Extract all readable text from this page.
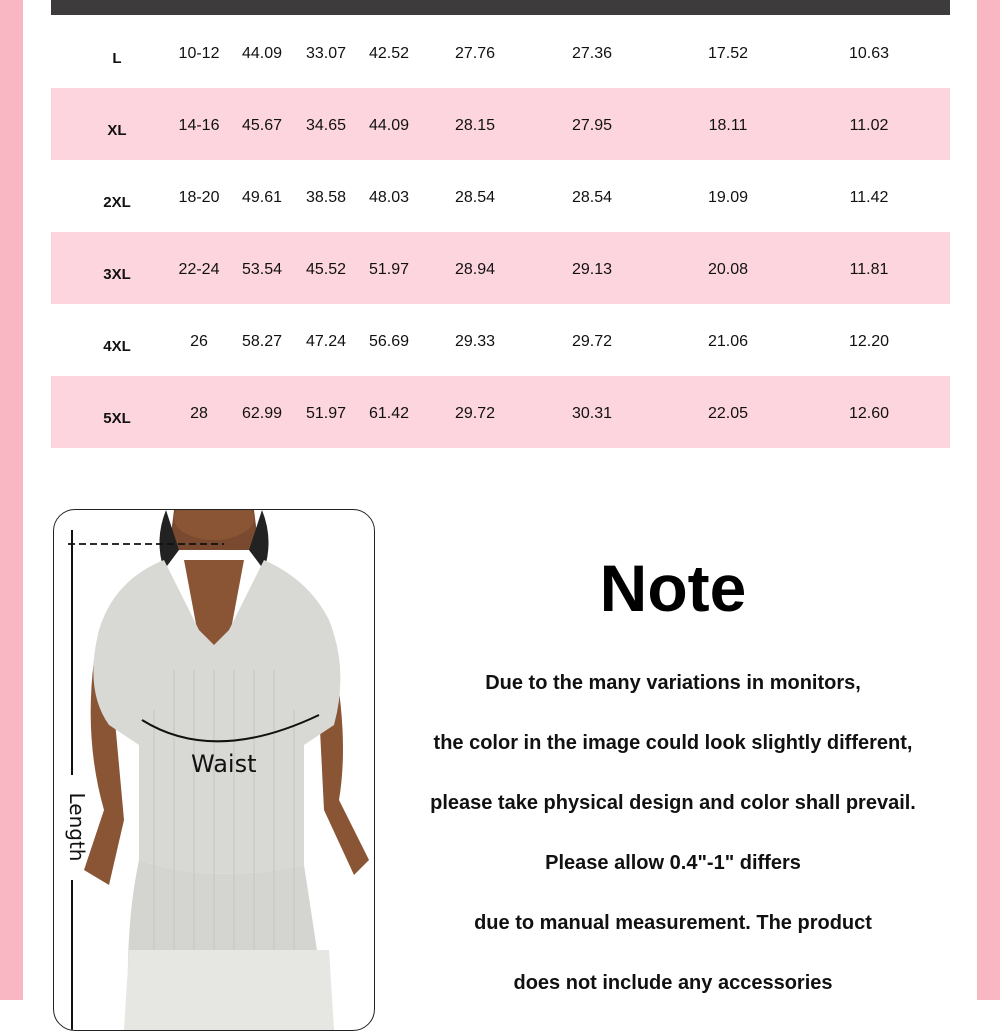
L	10-12 44.09 33.07 42.52	27.76	27.36	17.52	10.63
XL	14-16 45.67 34.65 44.09	28.15	27.95	18.11	11.02
2XL	18-20 49.61 38.58 48.03	28.54	28.54	19.09	11.42
3XL	22-24 53.54 45.52 51.97	28.94	29.13	20.08	11.81
4XL	26 58.27 47.24 56.69	29.33	29.72	21.06	12.20
5XL	28 62.99 51.97 61.42	29.72	30.31	22.05	12.60
Waist
Length
Note
Due to the many variations in monitors,
the color in the image could look slightly different,
please take physical design and color shall prevail.
Please allow 0.4"-1" differs
due to manual measurement. The product
does not include any accessories
